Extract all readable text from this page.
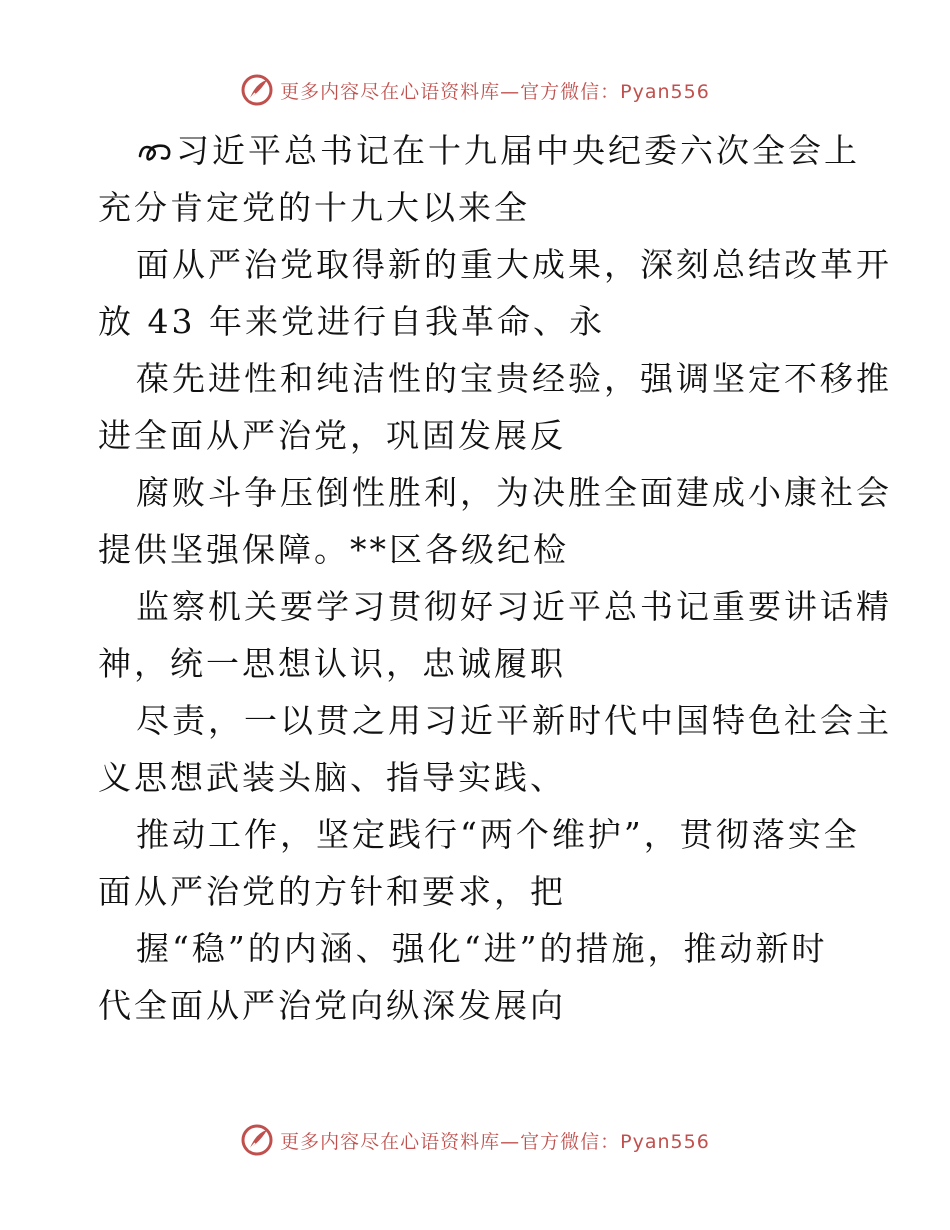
更多内容尽在心语资料库—官方微信：Pyan556
习近平总书记在十九届中央纪委六次全会上
充分肯定党的十九大以来全
面从严治党取得新的重大成果，深刻总结改革开
放 43 年来党进行自我革命、永
葆先进性和纯洁性的宝贵经验，强调坚定不移推
进全面从严治党，巩固发展反
腐败斗争压倒性胜利，为决胜全面建成小康社会
提供坚强保障。**区各级纪检
监察机关要学习贯彻好习近平总书记重要讲话精
神，统一思想认识，忠诚履职
尽责，一以贯之用习近平新时代中国特色社会主
义思想武装头脑、指导实践、
推动工作，坚定践行“两个维护”，贯彻落实全
面从严治党的方针和要求，把
握“稳”的内涵、强化“进”的措施，推动新时
代全面从严治党向纵深发展向
更多内容尽在心语资料库—官方微信：Pyan556
